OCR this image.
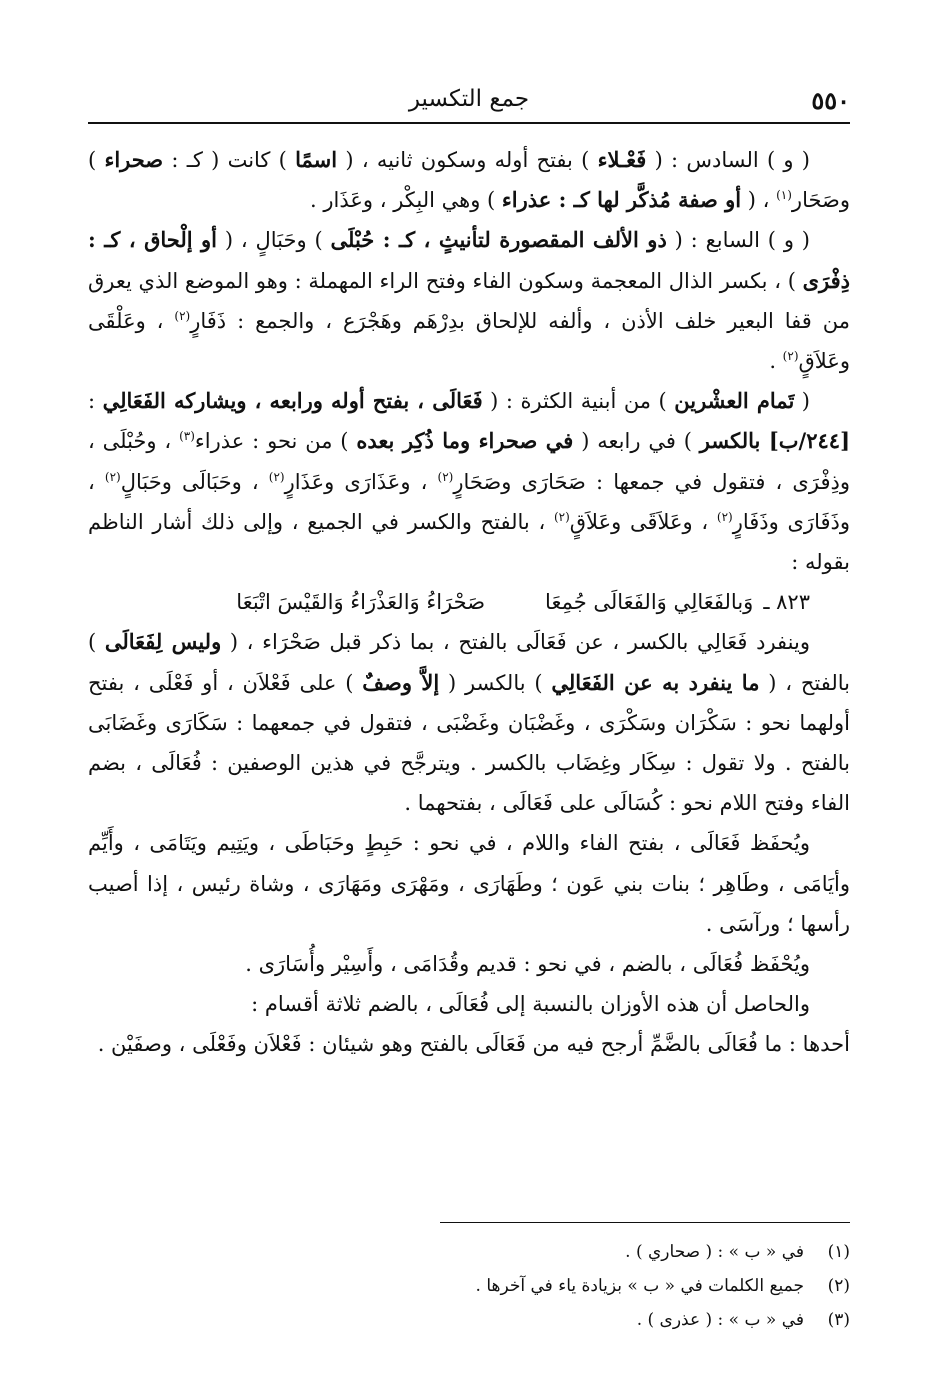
٥٥٠
جمع التكسير

( و ) السادس : ( فَعْـلاء ) بفتح أوله وسكون ثانيه ، ( اسمًا ) كانت ( كـ : صحراء ) وصَحَار$^{(١)}$ ، ( أو صفة مُذكَّر لها كـ : عذراء ) وهي البِكْر ، وعَذَار .

( و ) السابع : ( ذو الألف المقصورة لتأنيثٍ ، كـ : حُبْلَى ) وحَبَالٍ ، ( أو إلْحاق ، كـ : ذِفْرَى ) ، بكسر الذال المعجمة وسكون الفاء وفتح الراء المهملة : وهو الموضع الذي يعرق من قفا البعير خلف الأذن ، وألفه للإلحاق بدِرْهَم وهَجْرَع ، والجمع : ذَفَارٍ$^{(٢)}$ ، وعَلْقَى وعَلاَقٍ$^{(٢)}$ .

( تَمام العشْرين ) من أبنية الكثرة : ( فَعَالَى ، بفتح أوله ورابعه ، ويشاركه الفَعَالِي : [٢٤٤/ب] بالكسر ) في رابعه ( في صحراء وما ذُكِر بعده ) من نحو : عذراء$^{(٣)}$ ، وحُبْلَى ، وذِفْرَى ، فتقول في جمعها : صَحَارَى وصَحَارٍ$^{(٢)}$ ، وعَذَارَى وعَذَارٍ$^{(٢)}$ ، وحَبَالَى وحَبَالٍ$^{(٢)}$ ، وذَفَارَى وذَفَارٍ$^{(٢)}$ ، وعَلاَقَى وعَلاَقٍ$^{(٢)}$ ، بالفتح والكسر في الجميع ، وإلى ذلك أشار الناظم بقوله :

٨٢٣ ـ
وَبالفَعَالِي وَالفَعَالَى جُمِعَا
صَحْرَاءُ وَالعَذْرَاءُ وَالقَيْسَ اتْبَعَا

وينفرد فَعَالِي بالكسر ، عن فَعَالَى بالفتح ، بما ذكر قبل صَحْرَاء ، ( وليس لِفَعَالَى ) بالفتح ، ( ما ينفرد به عن الفَعَالِي ) بالكسر ( إلاَّ وصفٌ ) على فَعْلاَن ، أو فَعْلَى ، بفتح أولهما نحو : سَكْرَان وسَكْرَى ، وغَضْبَان وغَضْبَى ، فتقول في جمعهما : سَكَارَى وغَضَابَى بالفتح . ولا تقول : سِكَار وغِضَاب بالكسر . ويترجَّح في هذين الوصفين : فُعَالَى ، بضم الفاء وفتح اللام نحو : كُسَالَى على فَعَالَى ، بفتحهما .

ويُحفَظ فَعَالَى ، بفتح الفاء واللام ، في نحو : حَبِطٍ وحَبَاطَى ، ويَتِيم ويَتَامَى ، وأَيِّم وأيَامَى ، وطَاهِر ؛ بنات بني عَون ؛ وطَهَارَى ، ومَهْرَى ومَهَارَى ، وشاة رئيس ، إذا أصيب رأسها ؛ ورآسَى .

ويُحْفَظ فُعَالَى ، بالضم ، في نحو : قديم وقُدَامَى ، وأَسِيْر وأُسَارَى .

والحاصل أن هذه الأوزان بالنسبة إلى فُعَالَى ، بالضم ثلاثة أقسام :

أحدها : ما فُعَالَى بالضَّمِّ أرجح فيه من فَعَالَى بالفتح وهو شيئان : فَعْلاَن وفَعْلَى ، وصفَيْن .

(١)
في « ب » : ( صحاري ) .
(٢)
جميع الكلمات في « ب » بزيادة ياء في آخرها .
(٣)
في « ب » : ( عذرى ) .
